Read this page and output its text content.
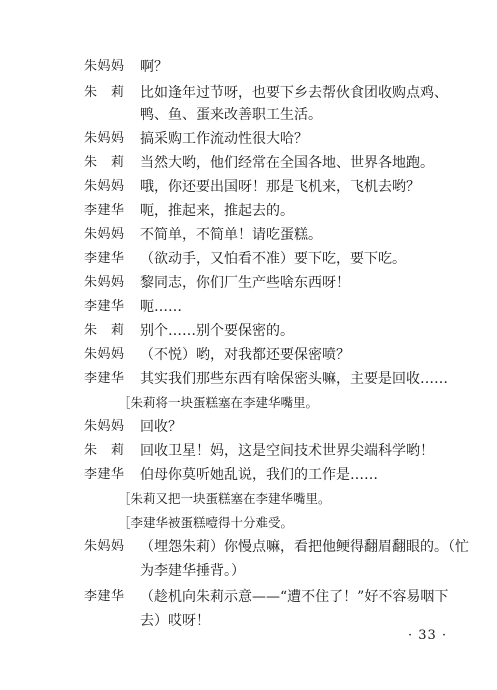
朱妈妈 啊？
朱　莉 比如逢年过节呀，也要下乡去帮伙食团收购点鸡、
鸭、鱼、蛋来改善职工生活。
朱妈妈 搞采购工作流动性很大哈？
朱　莉 当然大哟，他们经常在全国各地、世界各地跑。
朱妈妈 哦，你还要出国呀！那是飞机来，飞机去哟？
李建华 呃，推起来，推起去的。
朱妈妈 不简单，不简单！请吃蛋糕。
李建华 （欲动手，又怕看不准）要下吃，要下吃。
朱妈妈 黎同志，你们厂生产些啥东西呀！
李建华 呃……
朱　莉 别个……别个要保密的。
朱妈妈 （不悦）哟，对我都还要保密喷？
李建华 其实我们那些东西有啥保密头嘛，主要是回收……
［朱莉将一块蛋糕塞在李建华嘴里。
朱妈妈 回收？
朱　莉 回收卫星！妈，这是空间技术世界尖端科学哟！
李建华 伯母你莫听她乱说，我们的工作是……
［朱莉又把一块蛋糕塞在李建华嘴里。
［李建华被蛋糕噎得十分难受。
朱妈妈 （埋怨朱莉）你慢点嘛，看把他鲠得翻眉翻眼的。（忙
为李建华捶背。）
李建华 （趁机向朱莉示意——“遭不住了！”好不容易咽下
去）哎呀！
· 33 ·
